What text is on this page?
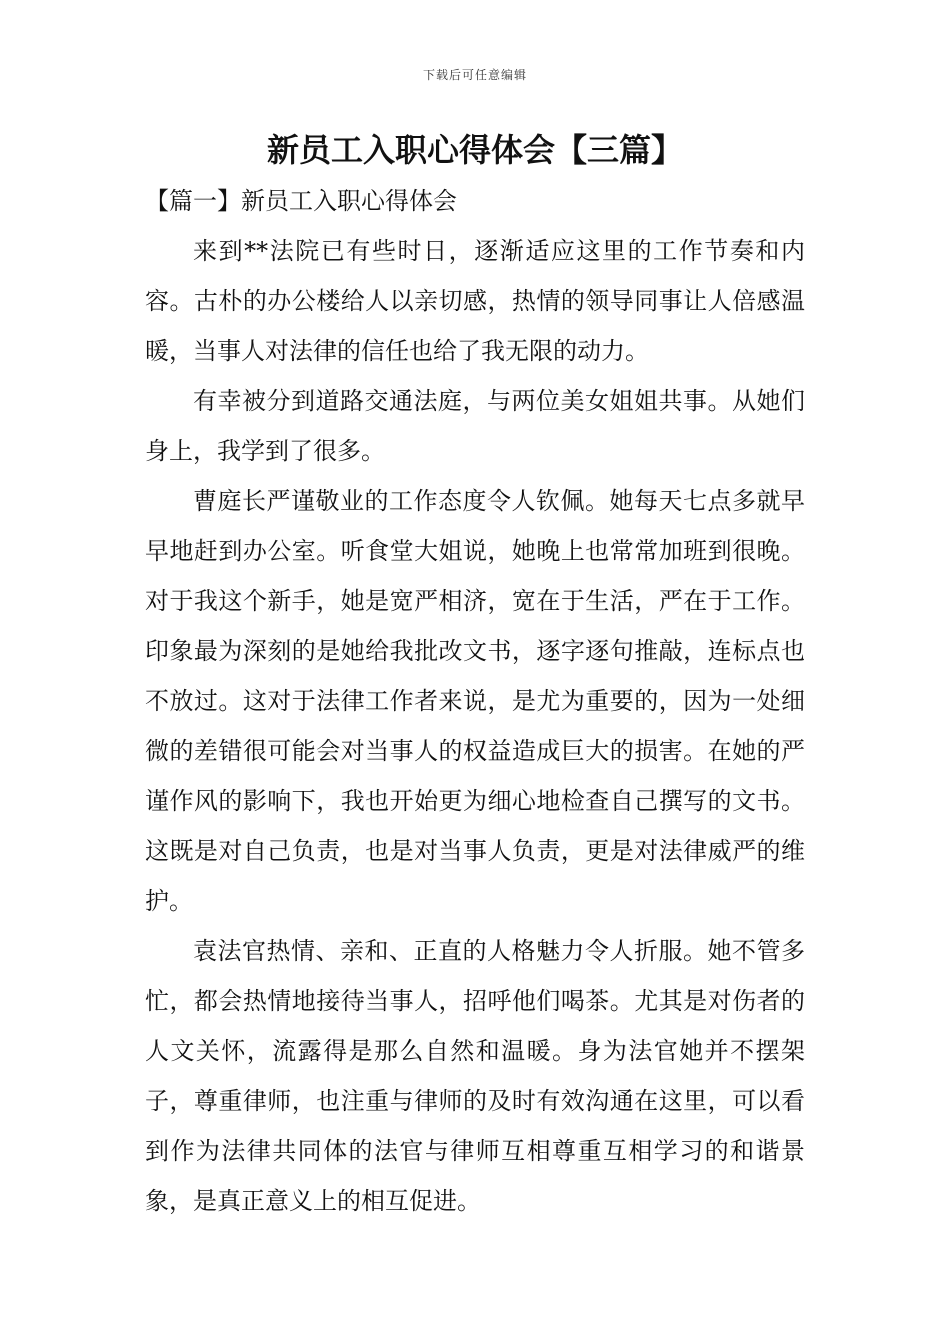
下载后可任意编辑
新员工入职心得体会【三篇】
【篇一】新员工入职心得体会

来到**法院已有些时日，逐渐适应这里的工作节奏和内容。古朴的办公楼给人以亲切感，热情的领导同事让人倍感温暖，当事人对法律的信任也给了我无限的动力。

有幸被分到道路交通法庭，与两位美女姐姐共事。从她们身上，我学到了很多。

曹庭长严谨敬业的工作态度令人钦佩。她每天七点多就早早地赶到办公室。听食堂大姐说，她晚上也常常加班到很晚。对于我这个新手，她是宽严相济，宽在于生活，严在于工作。印象最为深刻的是她给我批改文书，逐字逐句推敲，连标点也不放过。这对于法律工作者来说，是尤为重要的，因为一处细微的差错很可能会对当事人的权益造成巨大的损害。在她的严谨作风的影响下，我也开始更为细心地检查自己撰写的文书。这既是对自己负责，也是对当事人负责，更是对法律威严的维护。

袁法官热情、亲和、正直的人格魅力令人折服。她不管多忙，都会热情地接待当事人，招呼他们喝茶。尤其是对伤者的人文关怀，流露得是那么自然和温暖。身为法官她并不摆架子，尊重律师，也注重与律师的及时有效沟通在这里，可以看到作为法律共同体的法官与律师互相尊重互相学习的和谐景象，是真正意义上的相互促进。
